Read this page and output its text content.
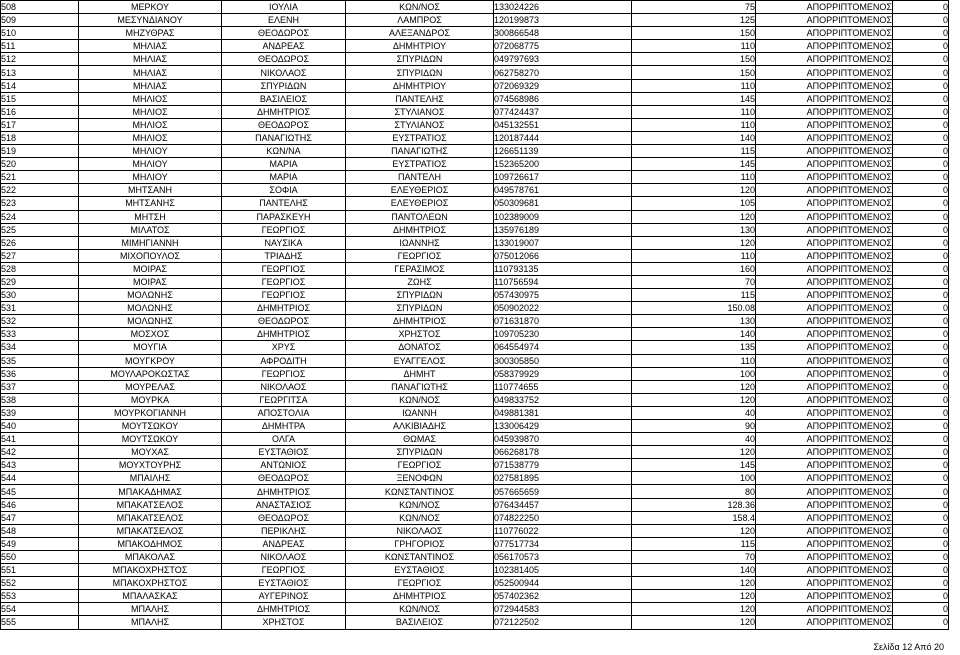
508	ΜΕΡΚΟΥ	ΙΟΥΛΙΑ	ΚΩΝ/ΝΟΣ	133024226	75	ΑΠΟΡΡΙΠΤΟΜΕΝΟΣ	0
509	ΜΕΣΥΝΔΙΑΝΟΥ	ΕΛΕΝΗ	ΛΑΜΠΡΟΣ	120199873	125	ΑΠΟΡΡΙΠΤΟΜΕΝΟΣ	0
510	ΜΗΖΥΘΡΑΣ	ΘΕΟΔΩΡΟΣ	ΑΛΕΞΑΝΔΡΟΣ	300866548	150	ΑΠΟΡΡΙΠΤΟΜΕΝΟΣ	0
511	ΜΗΛΙΑΣ	ΑΝΔΡΕΑΣ	ΔΗΜΗΤΡΙΟΥ	072068775	110	ΑΠΟΡΡΙΠΤΟΜΕΝΟΣ	0
512	ΜΗΛΙΑΣ	ΘΕΟΔΩΡΟΣ	ΣΠΥΡΙΔΩΝ	049797693	150	ΑΠΟΡΡΙΠΤΟΜΕΝΟΣ	0
513	ΜΗΛΙΑΣ	ΝΙΚΟΛΑΟΣ	ΣΠΥΡΙΔΩΝ	062758270	150	ΑΠΟΡΡΙΠΤΟΜΕΝΟΣ	0
514	ΜΗΛΙΑΣ	ΣΠΥΡΙΔΩΝ	ΔΗΜΗΤΡΙΟΥ	072069329	110	ΑΠΟΡΡΙΠΤΟΜΕΝΟΣ	0
515	ΜΗΛΙΟΣ	ΒΑΣΙΛΕΙΟΣ	ΠΑΝΤΕΛΗΣ	074568986	145	ΑΠΟΡΡΙΠΤΟΜΕΝΟΣ	0
516	ΜΗΛΙΟΣ	ΔΗΜΗΤΡΙΟΣ	ΣΤΥΛΙΑΝΟΣ	077424437	110	ΑΠΟΡΡΙΠΤΟΜΕΝΟΣ	0
517	ΜΗΛΙΟΣ	ΘΕΟΔΩΡΟΣ	ΣΤΥΛΙΑΝΟΣ	045132551	110	ΑΠΟΡΡΙΠΤΟΜΕΝΟΣ	0
518	ΜΗΛΙΟΣ	ΠΑΝΑΓΙΩΤΗΣ	ΕΥΣΤΡΑΤΙΟΣ	120187444	140	ΑΠΟΡΡΙΠΤΟΜΕΝΟΣ	0
519	ΜΗΛΙΟΥ	ΚΩΝ/ΝΑ	ΠΑΝΑΓΙΩΤΗΣ	126651139	115	ΑΠΟΡΡΙΠΤΟΜΕΝΟΣ	0
520	ΜΗΛΙΟΥ	ΜΑΡΙΑ	ΕΥΣΤΡΑΤΙΟΣ	152365200	145	ΑΠΟΡΡΙΠΤΟΜΕΝΟΣ	0
521	ΜΗΛΙΟΥ	ΜΑΡΙΑ	ΠΑΝΤΕΛΗ	109726617	110	ΑΠΟΡΡΙΠΤΟΜΕΝΟΣ	0
522	ΜΗΤΣΑΝΗ	ΣΟΦΙΑ	ΕΛΕΥΘΕΡΙΟΣ	049578761	120	ΑΠΟΡΡΙΠΤΟΜΕΝΟΣ	0
523	ΜΗΤΣΑΝΗΣ	ΠΑΝΤΕΛΗΣ	ΕΛΕΥΘΕΡΙΟΣ	050309681	105	ΑΠΟΡΡΙΠΤΟΜΕΝΟΣ	0
524	ΜΗΤΣΗ	ΠΑΡΑΣΚΕΥΗ	ΠΑΝΤΟΛΕΩΝ	102389009	120	ΑΠΟΡΡΙΠΤΟΜΕΝΟΣ	0
525	ΜΙΛΑΤΟΣ	ΓΕΩΡΓΙΟΣ	ΔΗΜΗΤΡΙΟΣ	135976189	130	ΑΠΟΡΡΙΠΤΟΜΕΝΟΣ	0
526	ΜΙΜΗΓΙΑΝΝΗ	ΝΑΥΣΙΚΑ	ΙΩΑΝΝΗΣ	133019007	120	ΑΠΟΡΡΙΠΤΟΜΕΝΟΣ	0
527	ΜΙΧΟΠΟΥΛΟΣ	ΤΡΙΑΔΗΣ	ΓΕΩΡΓΙΟΣ	075012066	110	ΑΠΟΡΡΙΠΤΟΜΕΝΟΣ	0
528	ΜΟΙΡΑΣ	ΓΕΩΡΓΙΟΣ	ΓΕΡΑΣΙΜΟΣ	110793135	160	ΑΠΟΡΡΙΠΤΟΜΕΝΟΣ	0
529	ΜΟΙΡΑΣ	ΓΕΩΡΓΙΟΣ	ΖΩΗΣ	110756594	70	ΑΠΟΡΡΙΠΤΟΜΕΝΟΣ	0
530	ΜΟΛΩΝΗΣ	ΓΕΩΡΓΙΟΣ	ΣΠΥΡΙΔΩΝ	057430975	115	ΑΠΟΡΡΙΠΤΟΜΕΝΟΣ	0
531	ΜΟΛΩΝΗΣ	ΔΗΜΗΤΡΙΟΣ	ΣΠΥΡΙΔΩΝ	050902022	150.08	ΑΠΟΡΡΙΠΤΟΜΕΝΟΣ	0
532	ΜΟΛΩΝΗΣ	ΘΕΟΔΩΡΟΣ	ΔΗΜΗΤΡΙΟΣ	071631870	130	ΑΠΟΡΡΙΠΤΟΜΕΝΟΣ	0
533	ΜΟΣΧΟΣ	ΔΗΜΗΤΡΙΟΣ	ΧΡΗΣΤΟΣ	109705230	140	ΑΠΟΡΡΙΠΤΟΜΕΝΟΣ	0
534	ΜΟΥΓΙΑ	ΧΡΥΣ	ΔΟΝΑΤΟΣ	064554974	135	ΑΠΟΡΡΙΠΤΟΜΕΝΟΣ	0
535	ΜΟΥΓΚΡΟΥ	ΑΦΡΟΔΙΤΗ	ΕΥΑΓΓΕΛΟΣ	300305850	110	ΑΠΟΡΡΙΠΤΟΜΕΝΟΣ	0
536	ΜΟΥΛΑΡΟΚΩΣΤΑΣ	ΓΕΩΡΓΙΟΣ	ΔΗΜΗΤ	058379929	100	ΑΠΟΡΡΙΠΤΟΜΕΝΟΣ	0
537	ΜΟΥΡΕΛΑΣ	ΝΙΚΟΛΑΟΣ	ΠΑΝΑΓΙΩΤΗΣ	110774655	120	ΑΠΟΡΡΙΠΤΟΜΕΝΟΣ	0
538	ΜΟΥΡΚΑ	ΓΕΩΡΓΙΤΣΑ	ΚΩΝ/ΝΟΣ	049833752	120	ΑΠΟΡΡΙΠΤΟΜΕΝΟΣ	0
539	ΜΟΥΡΚΟΓΙΑΝΝΗ	ΑΠΟΣΤΟΛΙΑ	ΙΩΑΝΝΗ	049881381	40	ΑΠΟΡΡΙΠΤΟΜΕΝΟΣ	0
540	ΜΟΥΤΣΩΚΟΥ	ΔΗΜΗΤΡΑ	ΑΛΚΙΒΙΑΔΗΣ	133006429	90	ΑΠΟΡΡΙΠΤΟΜΕΝΟΣ	0
541	ΜΟΥΤΣΩΚΟΥ	ΟΛΓΑ	ΘΩΜΑΣ	045939870	40	ΑΠΟΡΡΙΠΤΟΜΕΝΟΣ	0
542	ΜΟΥΧΑΣ	ΕΥΣΤΑΘΙΟΣ	ΣΠΥΡΙΔΩΝ	066268178	120	ΑΠΟΡΡΙΠΤΟΜΕΝΟΣ	0
543	ΜΟΥΧΤΟΥΡΗΣ	ΑΝΤΩΝΙΟΣ	ΓΕΩΡΓΙΟΣ	071538779	145	ΑΠΟΡΡΙΠΤΟΜΕΝΟΣ	0
544	ΜΠΑΙΛΗΣ	ΘΕΟΔΩΡΟΣ	ΞΕΝΟΦΩΝ	027581895	100	ΑΠΟΡΡΙΠΤΟΜΕΝΟΣ	0
545	ΜΠΑΚΑΔΗΜΑΣ	ΔΗΜΗΤΡΙΟΣ	ΚΩΝΣΤΑΝΤΙΝΟΣ	057665659	80	ΑΠΟΡΡΙΠΤΟΜΕΝΟΣ	0
546	ΜΠΑΚΑΤΣΕΛΟΣ	ΑΝΑΣΤΑΣΙΟΣ	ΚΩΝ/ΝΟΣ	076434457	128.36	ΑΠΟΡΡΙΠΤΟΜΕΝΟΣ	0
547	ΜΠΑΚΑΤΣΕΛΟΣ	ΘΕΟΔΩΡΟΣ	ΚΩΝ/ΝΟΣ	074822250	158.4	ΑΠΟΡΡΙΠΤΟΜΕΝΟΣ	0
548	ΜΠΑΚΑΤΣΕΛΟΣ	ΠΕΡΙΚΛΗΣ	ΝΙΚΟΛΑΟΣ	110776022	120	ΑΠΟΡΡΙΠΤΟΜΕΝΟΣ	0
549	ΜΠΑΚΟΔΗΜΟΣ	ΑΝΔΡΕΑΣ	ΓΡΗΓΟΡΙΟΣ	077517734	115	ΑΠΟΡΡΙΠΤΟΜΕΝΟΣ	0
550	ΜΠΑΚΟΛΑΣ	ΝΙΚΟΛΑΟΣ	ΚΩΝΣΤΑΝΤΙΝΟΣ	056170573	70	ΑΠΟΡΡΙΠΤΟΜΕΝΟΣ	0
551	ΜΠΑΚΟΧΡΗΣΤΟΣ	ΓΕΩΡΓΙΟΣ	ΕΥΣΤΑΘΙΟΣ	102381405	140	ΑΠΟΡΡΙΠΤΟΜΕΝΟΣ	0
552	ΜΠΑΚΟΧΡΗΣΤΟΣ	ΕΥΣΤΑΘΙΟΣ	ΓΕΩΡΓΙΟΣ	052500944	120	ΑΠΟΡΡΙΠΤΟΜΕΝΟΣ	0
553	ΜΠΑΛΑΣΚΑΣ	ΑΥΓΕΡΙΝΟΣ	ΔΗΜΗΤΡΙΟΣ	057402362	120	ΑΠΟΡΡΙΠΤΟΜΕΝΟΣ	0
554	ΜΠΑΛΗΣ	ΔΗΜΗΤΡΙΟΣ	ΚΩΝ/ΝΟΣ	072944583	120	ΑΠΟΡΡΙΠΤΟΜΕΝΟΣ	0
555	ΜΠΑΛΗΣ	ΧΡΗΣΤΟΣ	ΒΑΣΙΛΕΙΟΣ	072122502	120	ΑΠΟΡΡΙΠΤΟΜΕΝΟΣ	0
Σελίδα 12 Από 20
